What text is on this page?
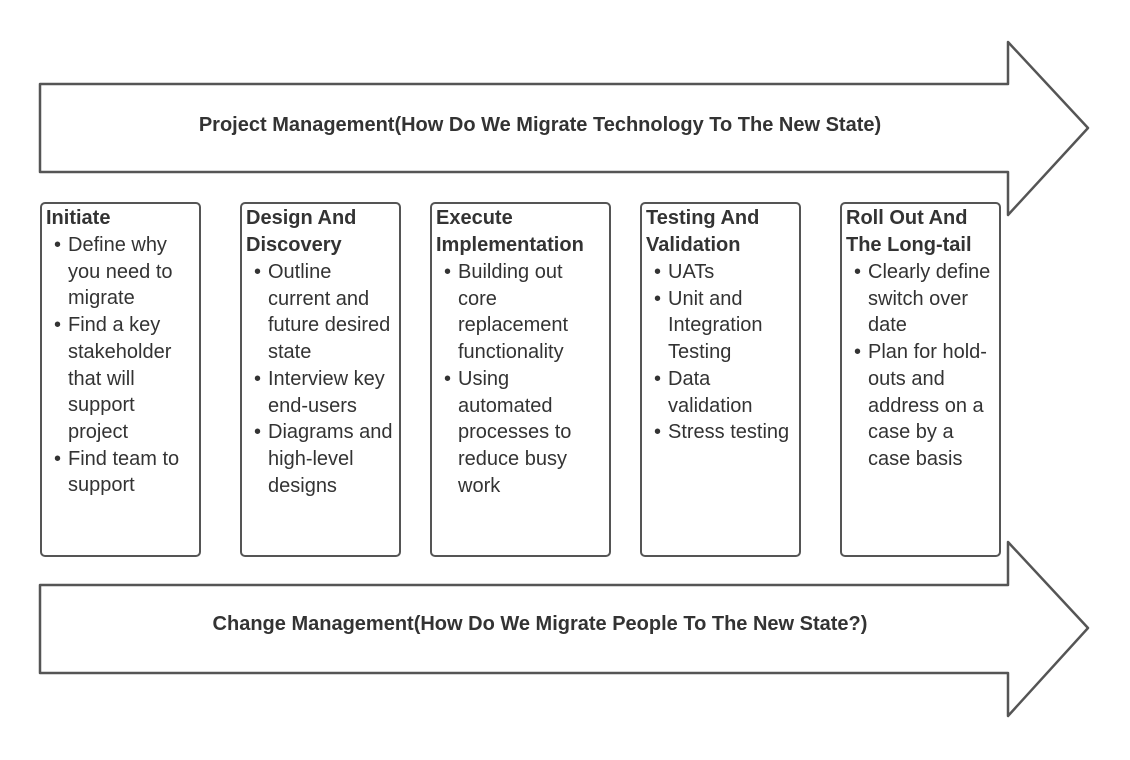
Project Management(How Do We Migrate Technology To The New State)
Change Management(How Do We Migrate People To The New State?)
Initiate
• Define why you need to migrate
• Find a key stakeholder that will support project
• Find team to support
Design And Discovery
• Outline current and future desired state
• Interview key end-users
• Diagrams and high-level designs
Execute Implementation
• Building out core replacement functionality
• Using automated processes to reduce busy work
Testing And Validation
• UATs
• Unit and Integration Testing
• Data validation
• Stress testing
Roll Out And The Long-tail
• Clearly define switch over date
• Plan for hold-outs and address on a case by a case basis
